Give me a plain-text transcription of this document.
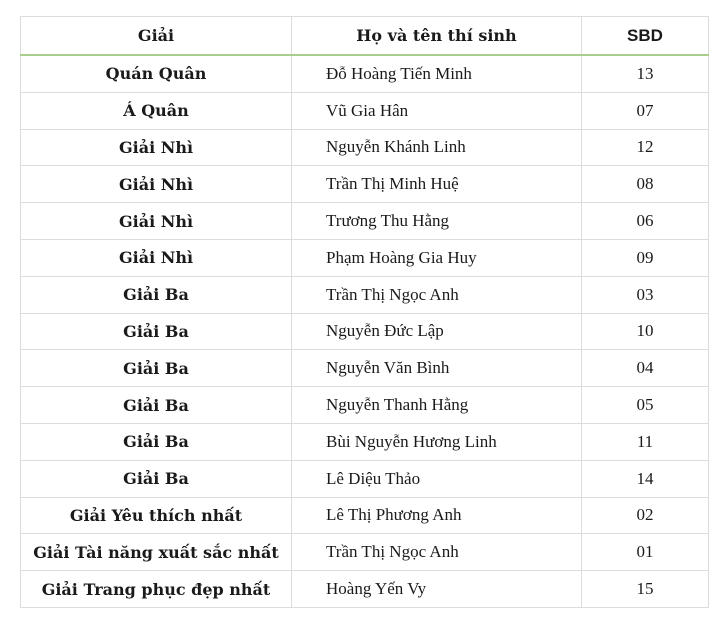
Giải	Họ và tên thí sinh	SBD
Quán Quân	Đỗ Hoàng Tiến Minh	13
Á Quân	Vũ Gia Hân	07
Giải Nhì	Nguyễn Khánh Linh	12
Giải Nhì	Trần Thị Minh Huệ	08
Giải Nhì	Trương Thu Hằng	06
Giải Nhì	Phạm Hoàng Gia Huy	09
Giải Ba	Trần Thị Ngọc Anh	03
Giải Ba	Nguyễn Đức Lập	10
Giải Ba	Nguyễn Văn Bình	04
Giải Ba	Nguyễn Thanh Hằng	05
Giải Ba	Bùi Nguyễn Hương Linh	11
Giải Ba	Lê Diệu Thảo	14
Giải Yêu thích nhất	Lê Thị Phương Anh	02
Giải Tài năng xuất sắc nhất	Trần Thị Ngọc Anh	01
Giải Trang phục đẹp nhất	Hoàng Yến Vy	15
